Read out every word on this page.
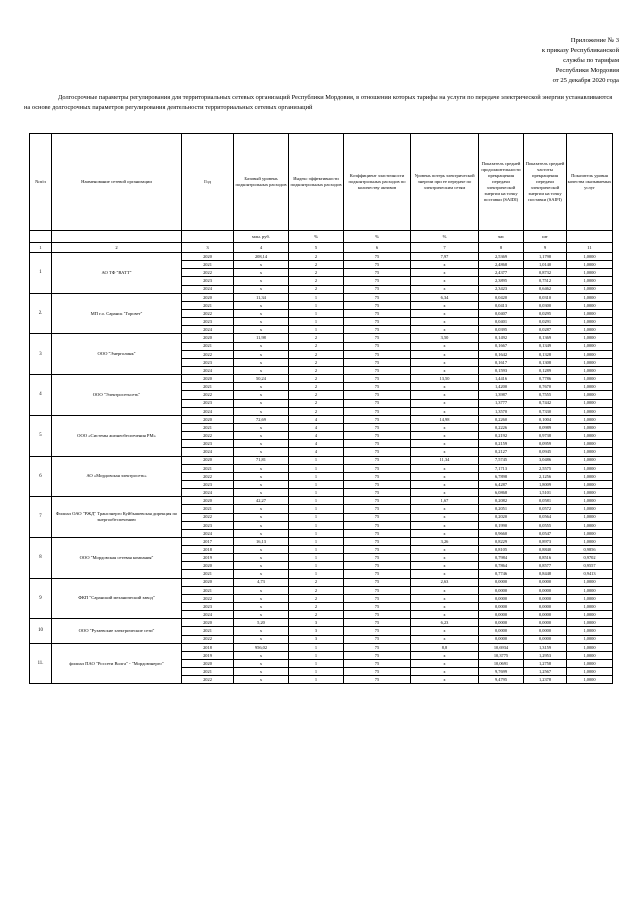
Приложение № 3
к приказу Республиканской
службы по тарифам
Республики Мордовия
от 25 декабря 2020 года
Долгосрочные параметры регулирования для территориальных сетевых организаций Республики Мордовия, в отношении которых тарифы на услуги по передаче электрической энергии устанавливаются на основе долгосрочных параметров регулирования деятельности территориальных сетевых организаций
№п/п	Наименование сетевой организации	Год	Базовый уровень подконтрольных расходов	Индекс эффективности подконтрольных расходов	Коэффициент эластичности подконтрольных расходов по количеству активов	Уровень потерь электрической энергии при ее передаче по электрическим сетям	Показатель средней продолжительности прекращения передачи электрической энергии на точку поставки (SAIDI)	Показатель средней частоты прекращения передачи электрической энергии на точку поставки (SAIFI)	Показатель уровня качества оказываемых услуг
			млн. руб.	%	%	%	час	шт	
1	2	3	4	5	6	7	8	9	11
1	АО ТФ "ВАТТ"	2020	208,14	2	75	7,97	2,5369	1,1798	1,0000
		2021	х	2	75	х	2,4868	1,0140	1,0000
		2022	х	2	75	х	2,4377	0,8732	1,0000
		2023	х	2	75	х	2,3895	0,7512	1,0000
		2024	х	2	75	х	2,3423	0,6462	1,0000
2.	МП г.о. Саранск "Горсвет"	2020	11,34	1	75	6,34	0,0420	0,0310	1,0000
		2021	х	1	75	х	0,0413	0,0300	1,0000
		2022	х	1	75	х	0,0407	0,0295	1,0000
		2023	х	1	75	х	0,0401	0,0291	1,0000
		2024	х	1	75	х	0,0395	0,0287	1,0000
3	ООО "Энерголинк"	2020	11,98	2	75	3,50	0,1492	0,1369	1,0000
		2021	х	2	75	х	0,1667	0,1349	1,0000
		2022	х	2	75	х	0,1642	0,1328	1,0000
		2023	х	2	75	х	0,1617	0,1308	1,0000
		2024	х	2	75	х	0,1593	0,1289	1,0000
4	ООО "Электросетьсеть"	2020	50,24	2	75	13,50	1,4416	0,7786	1,0000
		2021	х	2	75	х	1,4200	0,7670	1,0000
		2022	х	2	75	х	1,3987	0,7555	1,0000
		2023	х	2	75	х	1,3777	0,7442	1,0000
		2024	х	2	75	х	1,3570	0,7330	1,0000
5	ООО «Системы жизнеобеспечения РМ»	2020	72,69	4	75	14,98	0,2260	0,1004	1,0000
		2021	х	4	75	х	0,2226	0,0989	1,0000
		2022	х	4	75	х	0,2192	0,9738	1,0000
		2023	х	4	75	х	0,2159	0,0959	1,0000
		2024	х	4	75	х	0,2127	0,0945	1,0000
6	АО «Мордовская электросеть»	2020	71,81	1	75	11,34	7,5745	3,0486	1,0000
		2021	х	1	75	х	7,1713	2,5575	1,0000
		2022	х	1	75	х	6,7898	2,1256	1,0000
		2023	х	1	75	х	6,4287	1,8009	1,0000
		2024	х	1	75	х	6,0868	1,5101	1,0000
7	Филиал ОАО "РЖД" Трансэнерго Куйбышевская дирекция по энергообеспечению	2020	42,27	1	75	1,67	0,2082	0,0581	1,0000
		2021	х	1	75	х	0,2051	0,0572	1,0000
		2022	х	1	75	х	0,2020	0,0564	1,0000
		2023	х	1	75	х	0,1990	0,0555	1,0000
		2024	х	1	75	х	0,9660	0,0547	1,0000
8	ООО "Мордовская сетевая компания"	2017	16,13	1	75	3,26	0,8229	0,8973	1,0000
		2018	х	1	75	х	0,8105	0,8840	0,9856
		2019	х	1	75	х	0,7984	0,8516	0,9702
		2020	х	1	75	х	0,7864	0,8577	0,9557
		2021	х	1	75	х	0,7746	0,8448	0,9413
9	ФКП "Саранский механический завод"	2020	4,73	2	75	2,63	0,0000	0,0000	1,0000
		2021	х	2	75	х	0,0000	0,0000	1,0000
		2022	х	2	75	х	0,0000	0,0000	1,0000
		2023	х	2	75	х	0,0000	0,0000	1,0000
		2024	х	2	75	х	0,0000	0,0000	1,0000
10	ООО "Рузаевские электрические сети"	2020	5,20	3	75	6,23	0,0000	0,0000	1,0000
		2021	х	3	75	х	0,0000	0,0000	1,0000
		2022	х	3	75	х	0,0000	0,0000	1,0000
11.	филиал ПАО "Россети Волга" - "Мордовэнерго"	2018	956,02	1	75	8,8	10,6934	1,3159	1,0000
		2019	х	1	75	х	10,3775	1,2953	1,0000
		2020	х	1	75	х	10,0691	1,2758	1,0000
		2021	х	1	75	х	9,7699	1,2567	1,0000
		2022	х	1	75	х	9,4795	1,2378	1,0000
